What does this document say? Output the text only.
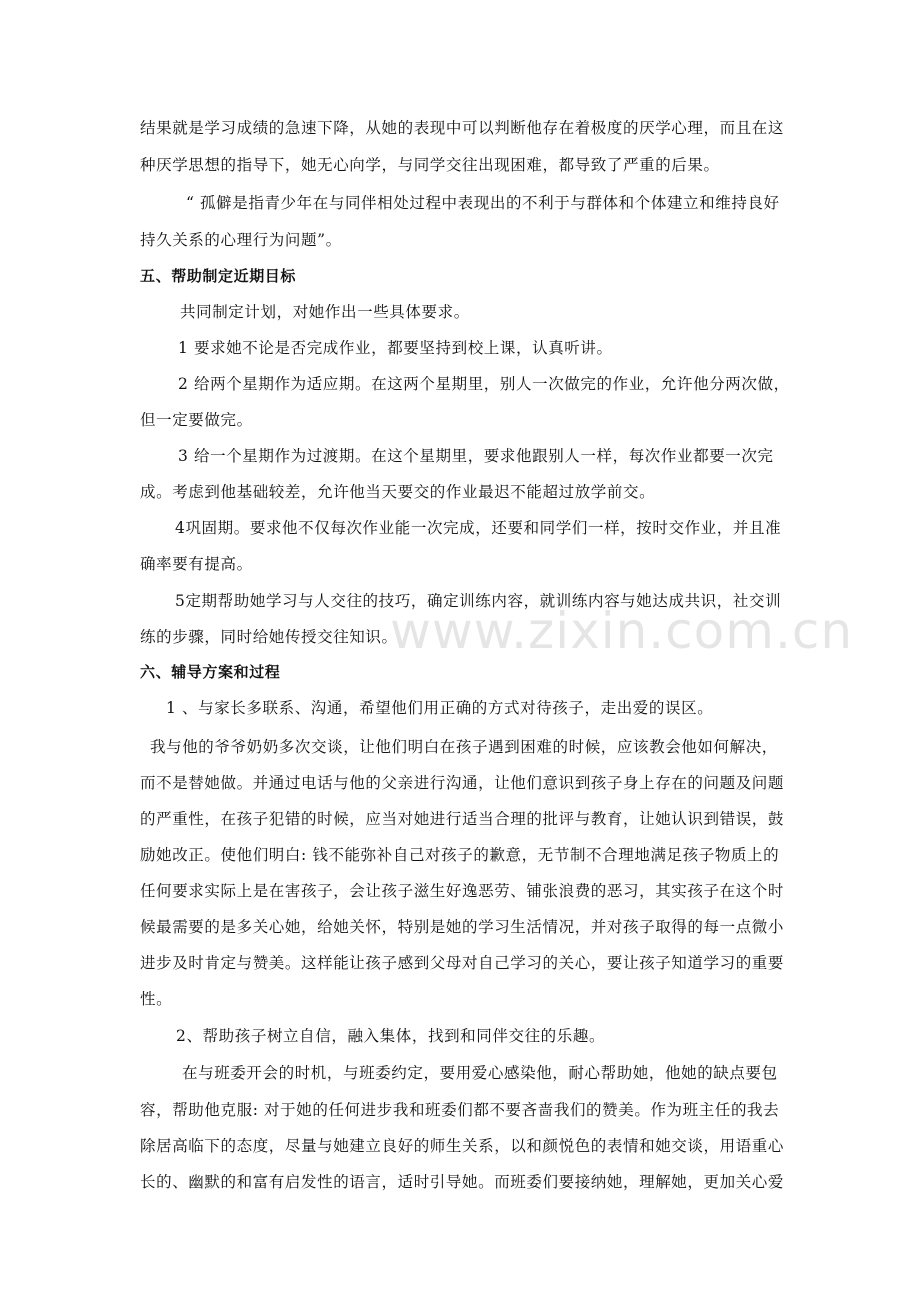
结果就是学习成绩的急速下降，从她的表现中可以判断他存在着极度的厌学心理，而且在这
种厌学思想的指导下，她无心向学，与同学交往出现困难，都导致了严重的后果。
“ 孤僻是指青少年在与同伴相处过程中表现出的不利于与群体和个体建立和维持良好
持久关系的心理行为问题”。
五、帮助制定近期目标
共同制定计划，对她作出一些具体要求。
1 要求她不论是否完成作业，都要坚持到校上课，认真听讲。
2 给两个星期作为适应期。在这两个星期里，别人一次做完的作业，允许他分两次做，
但一定要做完。
3 给一个星期作为过渡期。在这个星期里，要求他跟别人一样，每次作业都要一次完
成。考虑到他基础较差，允许他当天要交的作业最迟不能超过放学前交。
4巩固期。要求他不仅每次作业能一次完成，还要和同学们一样，按时交作业，并且准
确率要有提高。
5定期帮助她学习与人交往的技巧，确定训练内容，就训练内容与她达成共识，社交训
练的步骤，同时给她传授交往知识。
六、辅导方案和过程
1 、与家长多联系、沟通，希望他们用正确的方式对待孩子，走出爱的误区。
我与他的爷爷奶奶多次交谈，让他们明白在孩子遇到困难的时候，应该教会他如何解决，
而不是替她做。并通过电话与他的父亲进行沟通，让他们意识到孩子身上存在的问题及问题
的严重性，在孩子犯错的时候，应当对她进行适当合理的批评与教育，让她认识到错误，鼓
励她改正。使他们明白: 钱不能弥补自己对孩子的歉意，无节制不合理地满足孩子物质上的
任何要求实际上是在害孩子，会让孩子滋生好逸恶劳、铺张浪费的恶习，其实孩子在这个时
候最需要的是多关心她，给她关怀，特别是她的学习生活情况，并对孩子取得的每一点微小
进步及时肯定与赞美。这样能让孩子感到父母对自己学习的关心，要让孩子知道学习的重要
性。
2、帮助孩子树立自信，融入集体，找到和同伴交往的乐趣。
在与班委开会的时机，与班委约定，要用爱心感染他，耐心帮助她，他她的缺点要包
容，帮助他克服: 对于她的任何进步我和班委们都不要吝啬我们的赞美。作为班主任的我去
除居高临下的态度，尽量与她建立良好的师生关系，以和颜悦色的表情和她交谈，用语重心
长的、幽默的和富有启发性的语言，适时引导她。而班委们要接纳她，理解她，更加关心爱
www.zixin.com.cn
